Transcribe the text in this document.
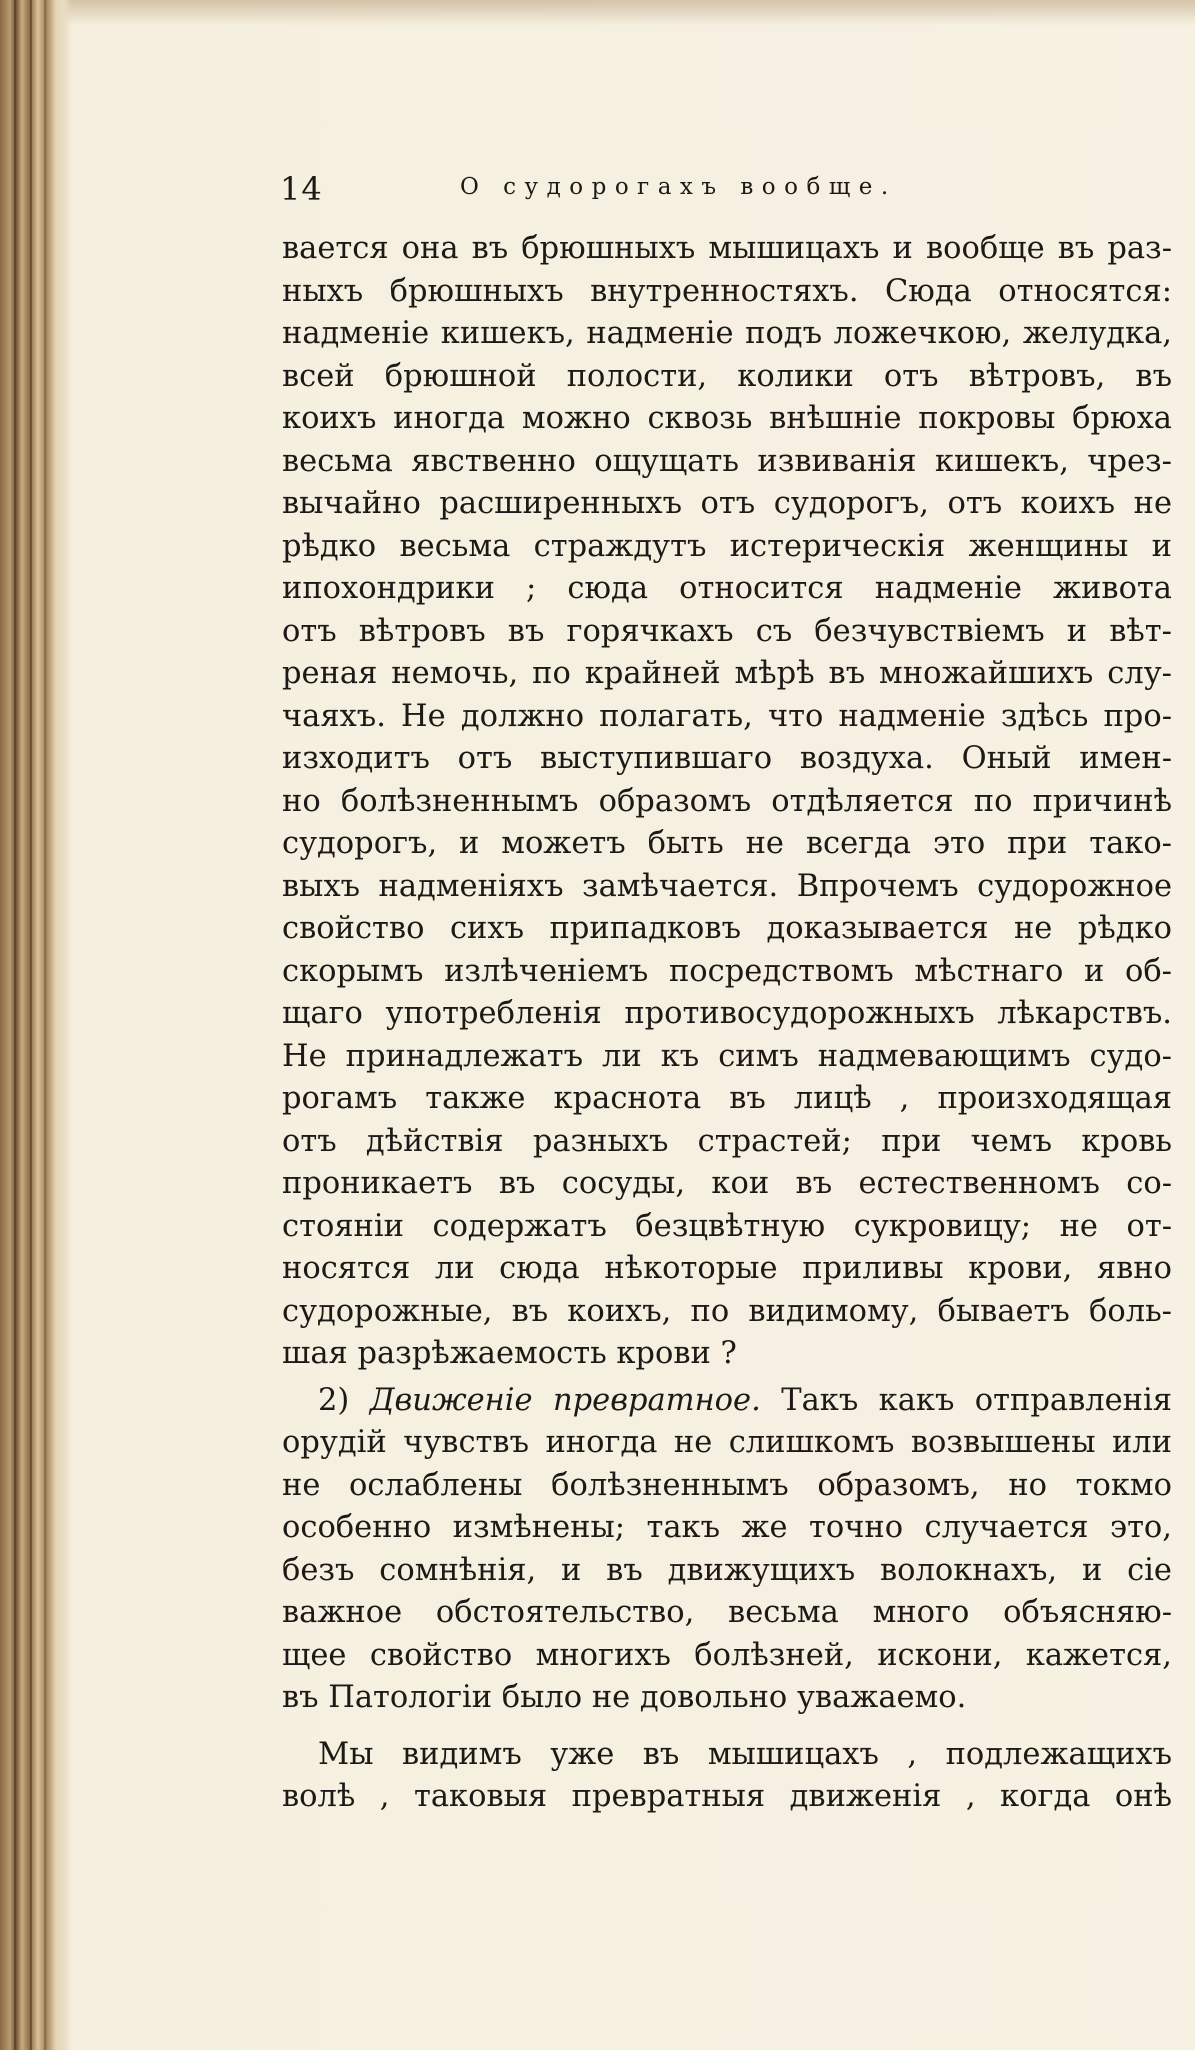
14	О судорогахъ вообще.
вается она въ брюшныхъ мышицахъ и вообще въ раз-
ныхъ брюшныхъ внутренностяхъ. Сюда относятся:
надменіе кишекъ, надменіе подъ ложечкою, желудка,
всей брюшной полости, колики отъ вѣтровъ, въ
коихъ иногда можно сквозь внѣшніе покровы брюха
весьма явственно ощущать извиванія кишекъ, чрез-
вычайно расширенныхъ отъ судорогъ, отъ коихъ не
рѣдко весьма страждутъ истерическія женщины и
ипохондрики ; сюда относится надменіе живота
отъ вѣтровъ въ горячкахъ съ безчувствіемъ и вѣт-
реная немочь, по крайней мѣрѣ въ множайшихъ слу-
чаяхъ. Не должно полагать, что надменіе здѣсь про-
изходитъ отъ выступившаго воздуха. Оный имен-
но болѣзненнымъ образомъ отдѣляется по причинѣ
судорогъ, и можетъ быть не всегда это при тако-
выхъ надменіяхъ замѣчается. Впрочемъ судорожное
свойство сихъ припадковъ доказывается не рѣдко
скорымъ излѣченіемъ посредствомъ мѣстнаго и об-
щаго употребленія противосудорожныхъ лѣкарствъ.
Не принадлежатъ ли къ симъ надмевающимъ судо-
рогамъ также краснота въ лицѣ , произходящая
отъ дѣйствія разныхъ страстей; при чемъ кровь
проникаетъ въ сосуды, кои въ естественномъ со-
стояніи содержатъ безцвѣтную сукровицу; не от-
носятся ли сюда нѣкоторые приливы крови, явно
судорожные, въ коихъ, по видимому, бываетъ боль-
шая разрѣжаемость крови ?
2) Движеніе превратное. Такъ какъ отправленія
орудій чувствъ иногда не слишкомъ возвышены или
не ослаблены болѣзненнымъ образомъ, но токмо
особенно измѣнены; такъ же точно случается это,
безъ сомнѣнія, и въ движущихъ волокнахъ, и сіе
важное обстоятельство, весьма много объясняю-
щее свойство многихъ болѣзней, искони, кажется,
въ Патологіи было не довольно уважаемо.
Мы видимъ уже въ мышицахъ , подлежащихъ
волѣ , таковыя превратныя движенія , когда онѣ
